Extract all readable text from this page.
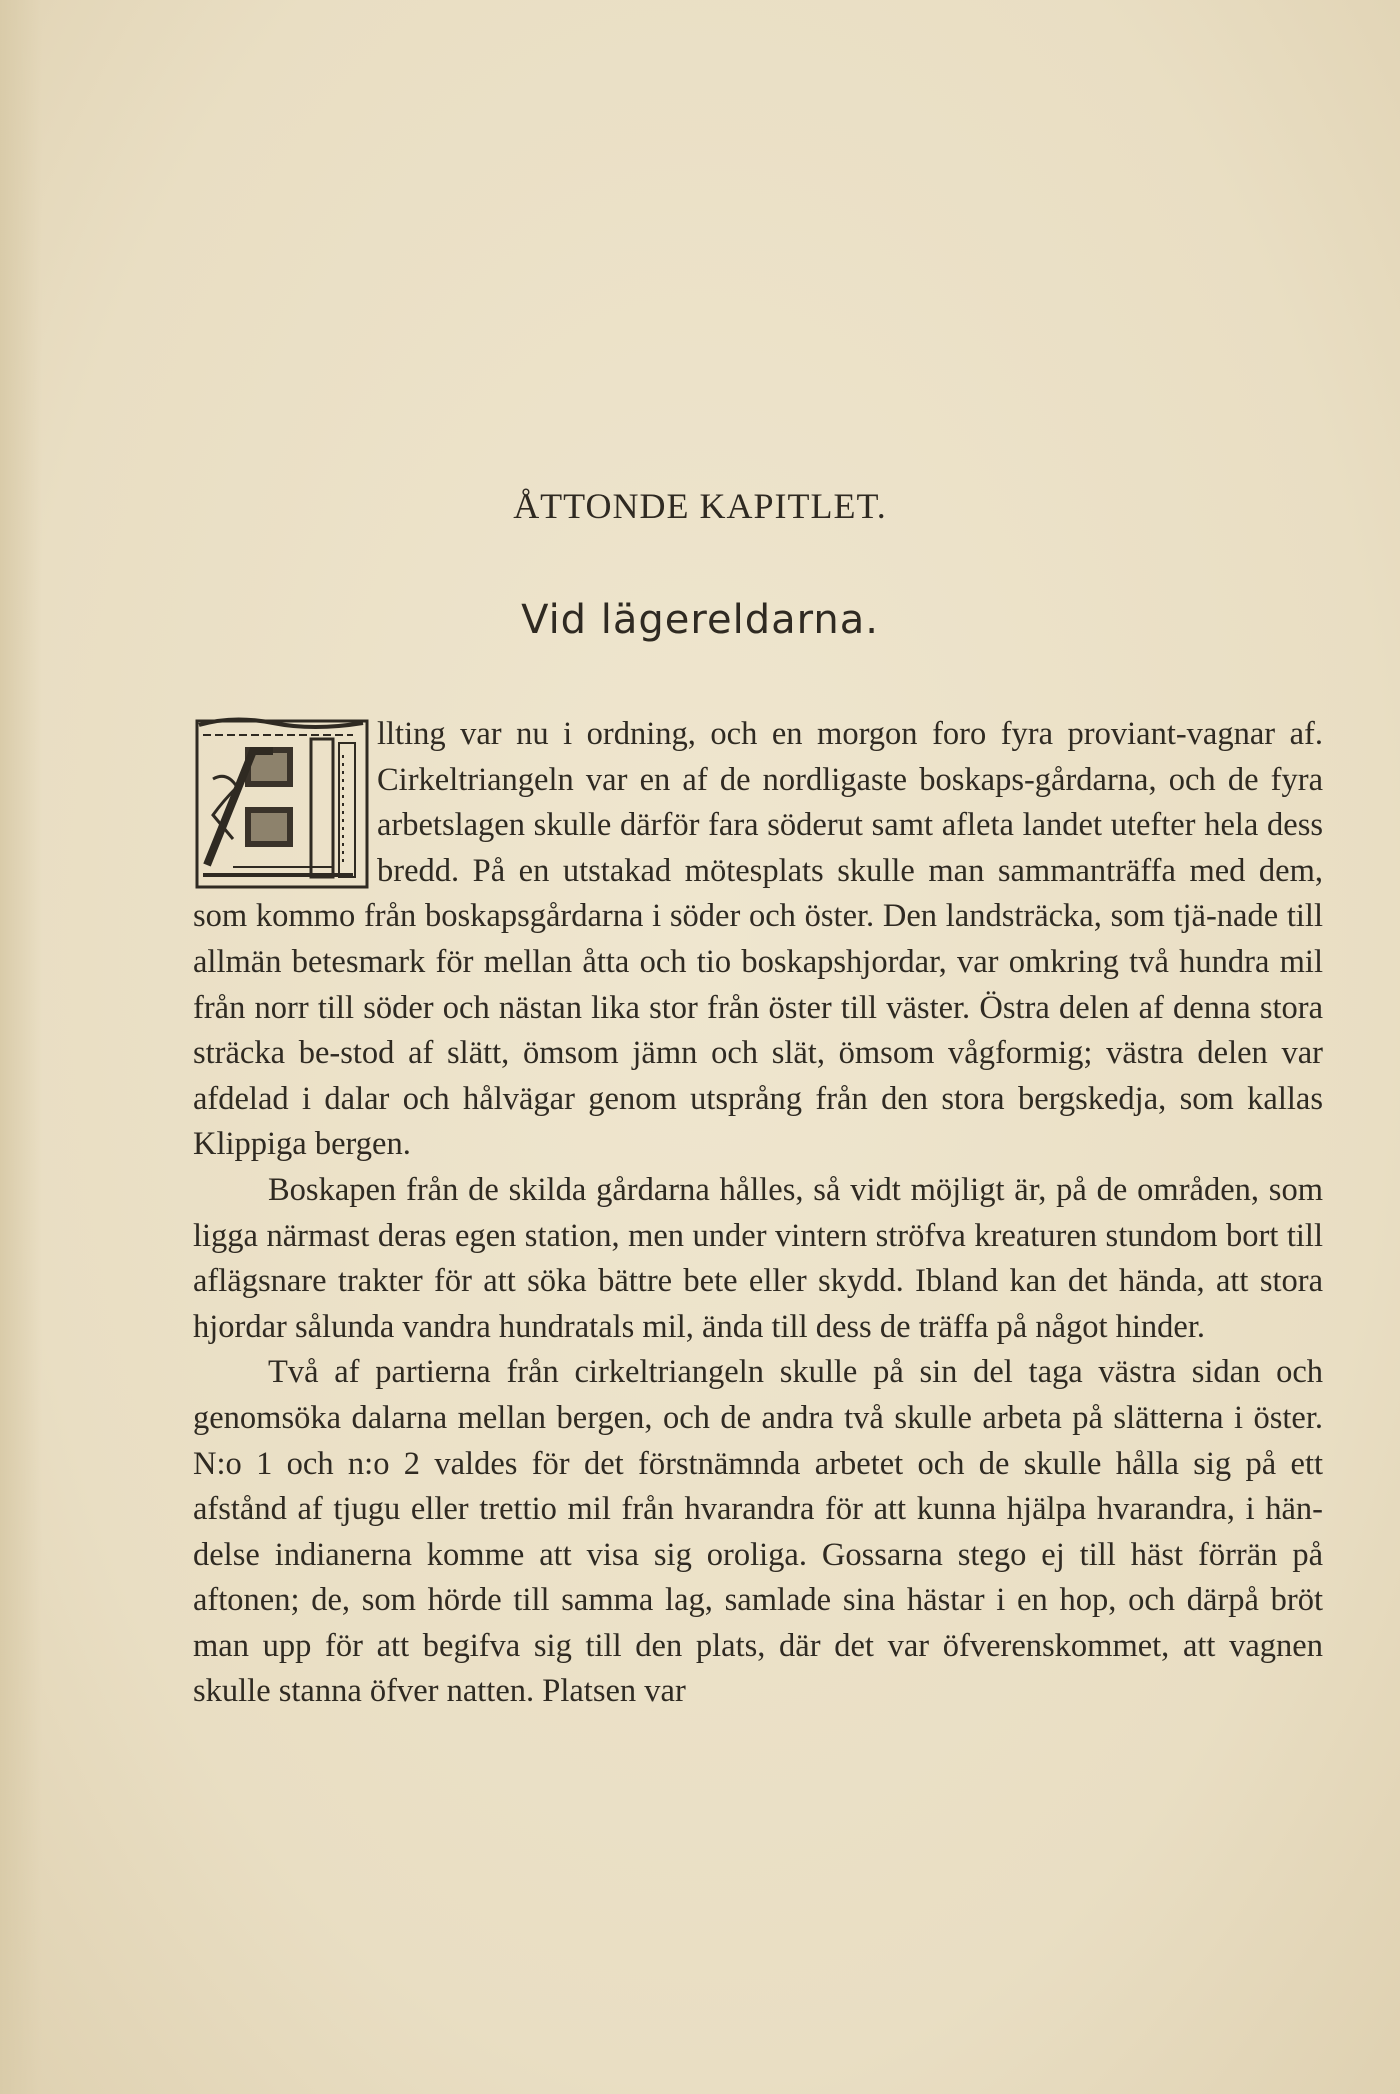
ÅTTONDE KAPITLET.
Vid lägereldarna.

llting var nu i ordning, och en morgon foro fyra proviant-vagnar af. Cirkeltriangeln var en af de nordligaste boskaps-gårdarna, och de fyra arbetslagen skulle därför fara söderut samt afleta landet utefter hela dess bredd. På en utstakad mötesplats skulle man sammanträffa med dem, som kommo från boskapsgårdarna i söder och öster. Den landsträcka, som tjä-nade till allmän betesmark för mellan åtta och tio boskapshjordar, var omkring två hundra mil från norr till söder och nästan lika stor från öster till väster. Östra delen af denna stora sträcka be-stod af slätt, ömsom jämn och slät, ömsom vågformig; västra delen var afdelad i dalar och hålvägar genom utsprång från den stora bergskedja, som kallas Klippiga bergen.

Boskapen från de skilda gårdarna hålles, så vidt möjligt är, på de områden, som ligga närmast deras egen station, men under vintern ströfva kreaturen stundom bort till aflägsnare trakter för att söka bättre bete eller skydd. Ibland kan det hända, att stora hjordar sålunda vandra hundratals mil, ända till dess de träffa på något hinder.

Två af partierna från cirkeltriangeln skulle på sin del taga västra sidan och genomsöka dalarna mellan bergen, och de andra två skulle arbeta på slätterna i öster. N:o 1 och n:o 2 valdes för det förstnämnda arbetet och de skulle hålla sig på ett afstånd af tjugu eller trettio mil från hvarandra för att kunna hjälpa hvarandra, i hän-delse indianerna komme att visa sig oroliga. Gossarna stego ej till häst förrän på aftonen; de, som hörde till samma lag, samlade sina hästar i en hop, och därpå bröt man upp för att begifva sig till den plats, där det var öfverenskommet, att vagnen skulle stanna öfver natten. Platsen var
